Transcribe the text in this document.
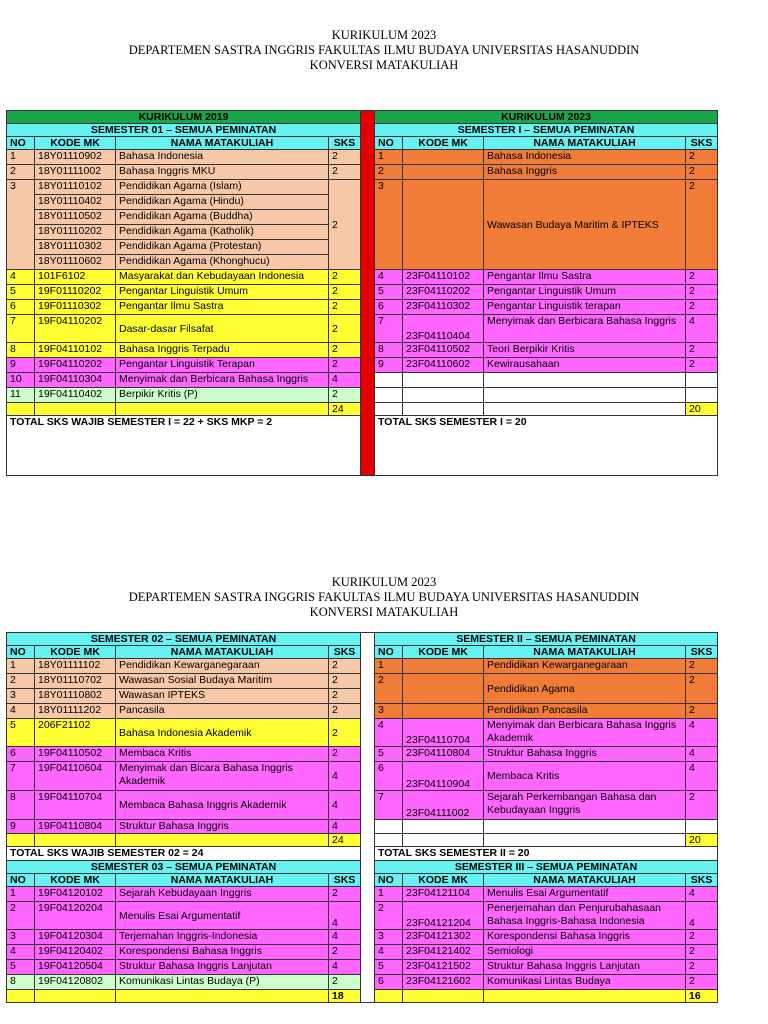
KURIKULUM 2023
DEPARTEMEN SASTRA INGGRIS FAKULTAS ILMU BUDAYA UNIVERSITAS HASANUDDIN
KONVERSI MATAKULIAH
KURIKULUM 2019					KURIKULUM 2023			
SEMESTER 01 – SEMUA PEMINATAN					SEMESTER I – SEMUA PEMINATAN			
NO	KODE MK	NAMA MATAKULIAH	SKS		NO	KODE MK	NAMA MATAKULIAH	SKS
1	18Y01110902	Bahasa Indonesia	2		1		Bahasa Indonesia	2
2	18Y01111002	Bahasa Inggris MKU	2		2		Bahasa Inggris	2
3	18Y01110102	Pendidikan Agama (Islam)	2		3		Wawasan Budaya Maritim & IPTEKS	2
	18Y01110402	Pendidikan Agama (Hindu)						
	18Y01110502	Pendidikan Agama (Buddha)						
	18Y01110202	Pendidikan Agama (Katholik)						
	18Y01110302	Pendidikan Agama (Protestan)						
	18Y01110602	Pendidikan Agama (Khonghucu)						
4	101F6102	Masyarakat dan Kebudayaan Indonesia	2		4	23F04110102	Pengantar Ilmu Sastra	2
5	19F01110202	Pengantar Linguistik Umum	2		5	23F04110202	Pengantar Linguistik Umum	2
6	19F01110302	Pengantar Ilmu Sastra	2		6	23F04110302	Pengantar Linguistik terapan	2
7	19F04110202	Dasar-dasar Filsafat	2		7	23F04110404	Menyimak dan Berbicara Bahasa Inggris	4
8	19F04110102	Bahasa Inggris Terpadu	2		8	23F04110502	Teori Berpikir Kritis	2
9	19F04110202	Pengantar Linguistik Terapan	2		9	23F04110602	Kewirausahaan	2
10	19F04110304	Menyimak dan Berbicara Bahasa Inggris	4					
11	19F04110402	Berpikir Kritis (P)	2					
			24					20
TOTAL SKS WAJIB SEMESTER I = 22 + SKS MKP = 2					TOTAL SKS SEMESTER I = 20			
KURIKULUM 2023
DEPARTEMEN SASTRA INGGRIS FAKULTAS ILMU BUDAYA UNIVERSITAS HASANUDDIN
KONVERSI MATAKULIAH
SEMESTER 02 – SEMUA PEMINATAN					SEMESTER II – SEMUA PEMINATAN			
NO	KODE MK	NAMA MATAKULIAH	SKS		NO	KODE MK	NAMA MATAKULIAH	SKS
1	18Y01111102	Pendidikan Kewarganegaraan	2		1		Pendidikan Kewarganegaraan	2
2	18Y01110702	Wawasan Sosial Budaya Maritim	2		2		Pendidikan Agama	2
3	18Y01110802	Wawasan IPTEKS	2					
4	18Y01111202	Pancasila	2		3		Pendidikan Pancasila	2
5	206F21102	Bahasa Indonesia Akademik	2		4	23F04110704	Menyimak dan Berbicara Bahasa Inggris Akademik	4
6	19F04110502	Membaca Kritis	2		5	23F04110804	Struktur Bahasa Inggris	4
7	19F04110604	Menyimak dan Bicara Bahasa Inggris Akademik	4		6	23F04110904	Membaca Kritis	4
8	19F04110704	Membaca Bahasa Inggris Akademik	4		7	23F04111002	Sejarah Perkembangan Bahasa dan Kebudayaan Inggris	2
9	19F04110804	Struktur Bahasa Inggris	4					
			24					20
TOTAL SKS WAJIB SEMESTER 02 = 24					TOTAL SKS SEMESTER II = 20			
SEMESTER 03 – SEMUA PEMINATAN					SEMESTER III – SEMUA PEMINATAN			
NO	KODE MK	NAMA MATAKULIAH	SKS		NO	KODE MK	NAMA MATAKULIAH	SKS
1	19F04120102	Sejarah Kebudayaan Inggris	2		1	23F04121104	Menulis Esai Argumentatif	4
2	19F04120204	Menulis Esai Argumentatif	4		2	23F04121204	Penerjemahan dan Penjurubahasaan Bahasa Inggris-Bahasa Indonesia	4
3	19F04120304	Terjemahan Inggris-Indonesia	4		3	23F04121302	Korespondensi Bahasa Inggris	2
4	19F04120402	Korespondensi Bahasa Inggris	2		4	23F04121402	Semiologi	2
5	19F04120504	Struktur Bahasa Inggris Lanjutan	4		5	23F04121502	Struktur Bahasa Inggris Lanjutan	2
8	19F04120802	Komunikasi Lintas Budaya (P)	2		6	23F04121602	Komunikasi Lintas Budaya	2
			18					16
